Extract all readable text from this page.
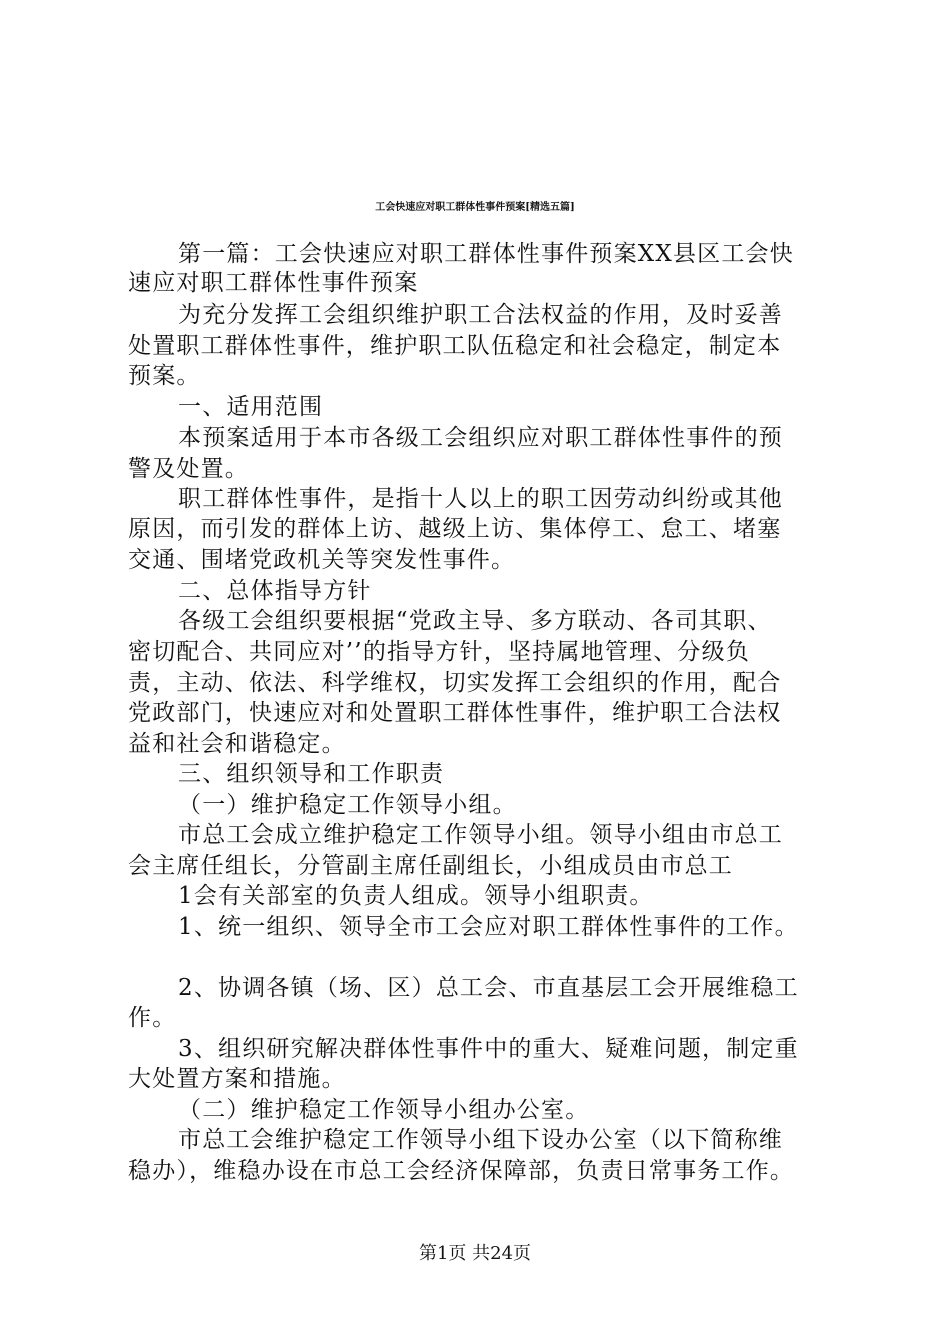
工会快速应对职工群体性事件预案[精选五篇]
第一篇：工会快速应对职工群体性事件预案XX县区工会快
速应对职工群体性事件预案
为充分发挥工会组织维护职工合法权益的作用，及时妥善
处置职工群体性事件，维护职工队伍稳定和社会稳定，制定本
预案。
一、适用范围
本预案适用于本市各级工会组织应对职工群体性事件的预
警及处置。
职工群体性事件，是指十人以上的职工因劳动纠纷或其他
原因，而引发的群体上访、越级上访、集体停工、怠工、堵塞
交通、围堵党政机关等突发性事件。
二、总体指导方针
各级工会组织要根据“党政主导、多方联动、各司其职、
密切配合、共同应对’’的指导方针，坚持属地管理、分级负
责，主动、依法、科学维权，切实发挥工会组织的作用，配合
党政部门，快速应对和处置职工群体性事件，维护职工合法权
益和社会和谐稳定。
三、组织领导和工作职责
（一）维护稳定工作领导小组。
市总工会成立维护稳定工作领导小组。领导小组由市总工
会主席任组长，分管副主席任副组长，小组成员由市总工
1会有关部室的负责人组成。领导小组职责。
1、统一组织、领导全市工会应对职工群体性事件的工作。
2、协调各镇（场、区）总工会、市直基层工会开展维稳工
作。
3、组织研究解决群体性事件中的重大、疑难问题，制定重
大处置方案和措施。
（二）维护稳定工作领导小组办公室。
市总工会维护稳定工作领导小组下设办公室（以下简称维
稳办），维稳办设在市总工会经济保障部，负责日常事务工作。
第1页 共24页
